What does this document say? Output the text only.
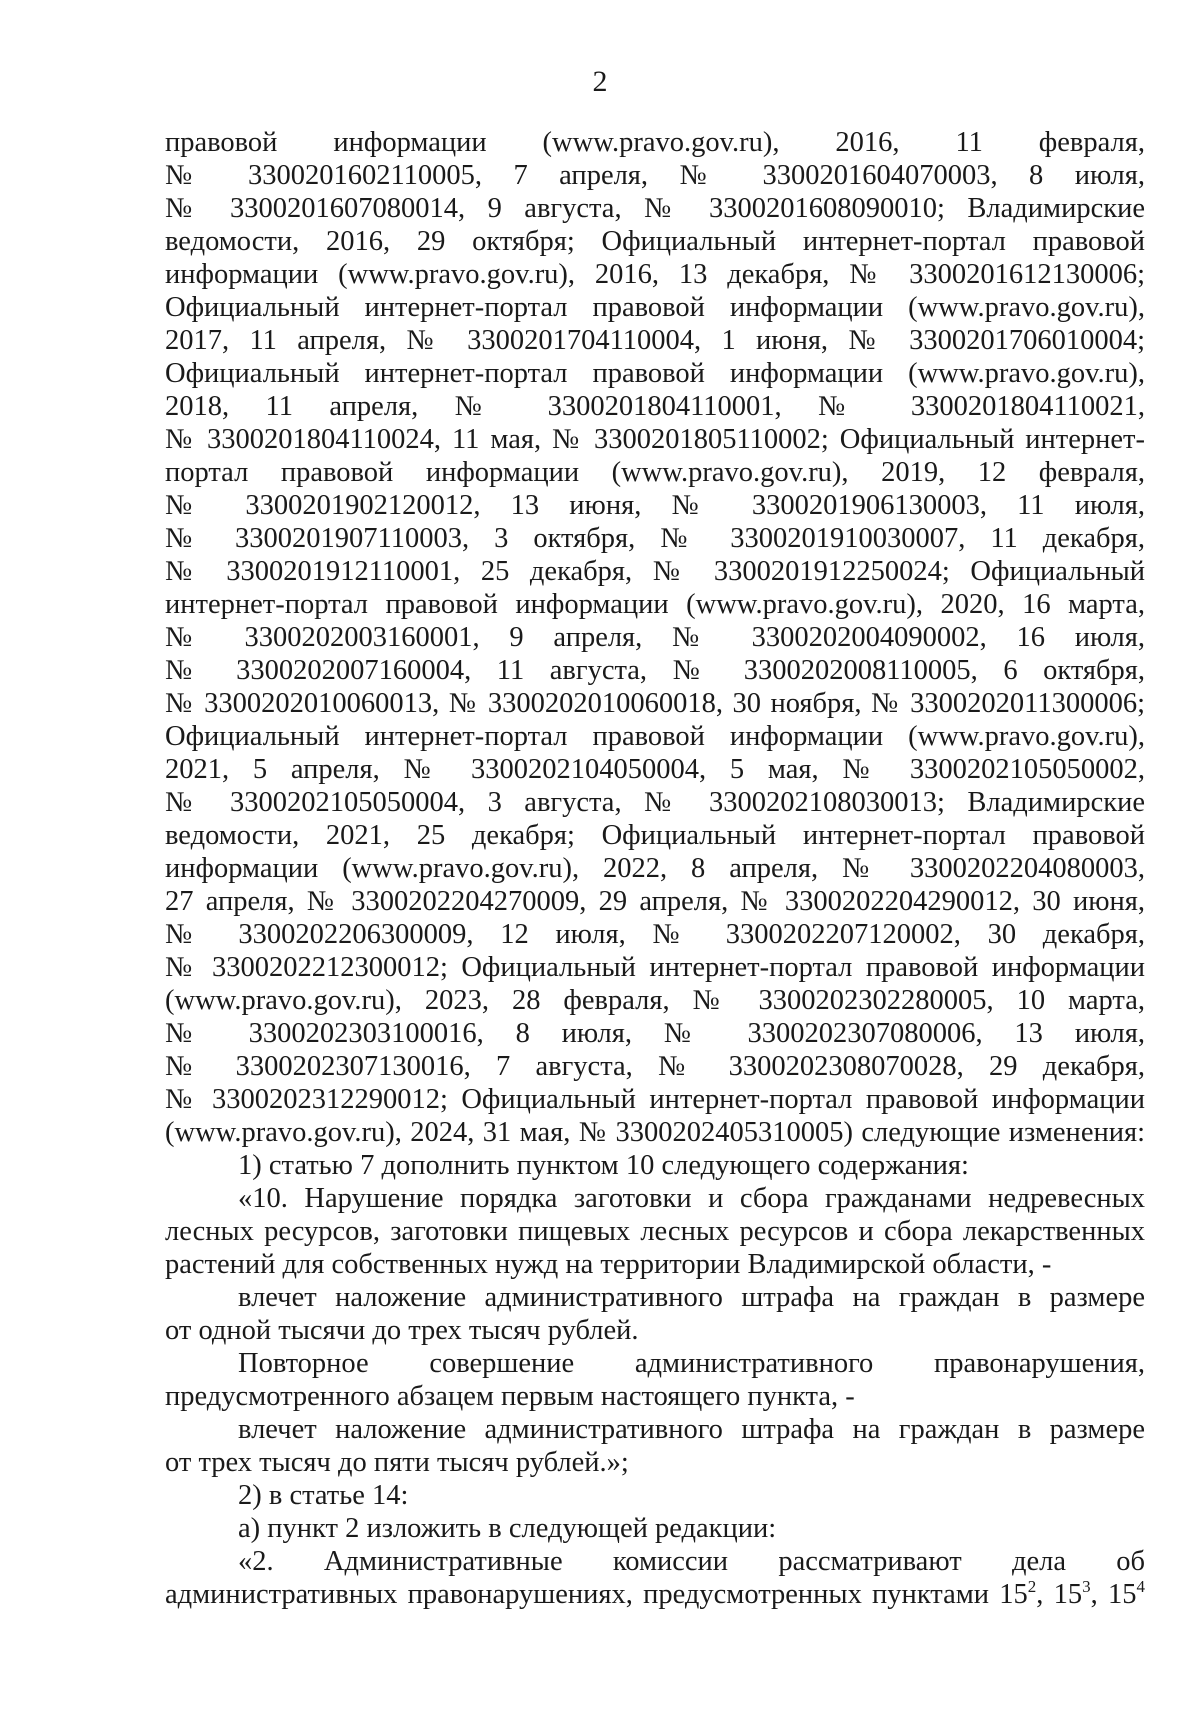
2
правовой информации (www.pravo.gov.ru), 2016, 11 февраля,
№ 3300201602110005, 7 апреля, № 3300201604070003, 8 июля,
№ 3300201607080014, 9 августа, № 3300201608090010; Владимирские
ведомости, 2016, 29 октября; Официальный интернет-портал правовой
информации (www.pravo.gov.ru), 2016, 13 декабря, № 3300201612130006;
Официальный интернет-портал правовой информации (www.pravo.gov.ru),
2017, 11 апреля, № 3300201704110004, 1 июня, № 3300201706010004;
Официальный интернет-портал правовой информации (www.pravo.gov.ru),
2018, 11 апреля, № 3300201804110001, № 3300201804110021,
№ 3300201804110024, 11 мая, № 3300201805110002; Официальный интернет-
портал правовой информации (www.pravo.gov.ru), 2019, 12 февраля,
№ 3300201902120012, 13 июня, № 3300201906130003, 11 июля,
№ 3300201907110003, 3 октября, № 3300201910030007, 11 декабря,
№ 3300201912110001, 25 декабря, № 3300201912250024; Официальный
интернет-портал правовой информации (www.pravo.gov.ru), 2020, 16 марта,
№ 3300202003160001, 9 апреля, № 3300202004090002, 16 июля,
№ 3300202007160004, 11 августа, № 3300202008110005, 6 октября,
№ 3300202010060013, № 3300202010060018, 30 ноября, № 3300202011300006;
Официальный интернет-портал правовой информации (www.pravo.gov.ru),
2021, 5 апреля, № 3300202104050004, 5 мая, № 3300202105050002,
№ 3300202105050004, 3 августа, № 3300202108030013; Владимирские
ведомости, 2021, 25 декабря; Официальный интернет-портал правовой
информации (www.pravo.gov.ru), 2022, 8 апреля, № 3300202204080003,
27 апреля, № 3300202204270009, 29 апреля, № 3300202204290012, 30 июня,
№ 3300202206300009, 12 июля, № 3300202207120002, 30 декабря,
№ 3300202212300012; Официальный интернет-портал правовой информации
(www.pravo.gov.ru), 2023, 28 февраля, № 3300202302280005, 10 марта,
№ 3300202303100016, 8 июля, № 3300202307080006, 13 июля,
№ 3300202307130016, 7 августа, № 3300202308070028, 29 декабря,
№ 3300202312290012; Официальный интернет-портал правовой информации
(www.pravo.gov.ru), 2024, 31 мая, № 3300202405310005) следующие изменения:
1) статью 7 дополнить пунктом 10 следующего содержания:
«10. Нарушение порядка заготовки и сбора гражданами недревесных
лесных ресурсов, заготовки пищевых лесных ресурсов и сбора лекарственных
растений для собственных нужд на территории Владимирской области, -
влечет наложение административного штрафа на граждан в размере
от одной тысячи до трех тысяч рублей.
Повторное совершение административного правонарушения,
предусмотренного абзацем первым настоящего пункта, -
влечет наложение административного штрафа на граждан в размере
от трех тысяч до пяти тысяч рублей.»;
2) в статье 14:
а) пункт 2 изложить в следующей редакции:
«2. Административные комиссии рассматривают дела об
административных правонарушениях, предусмотренных пунктами $15^2$, $15^3$, $15^4$
